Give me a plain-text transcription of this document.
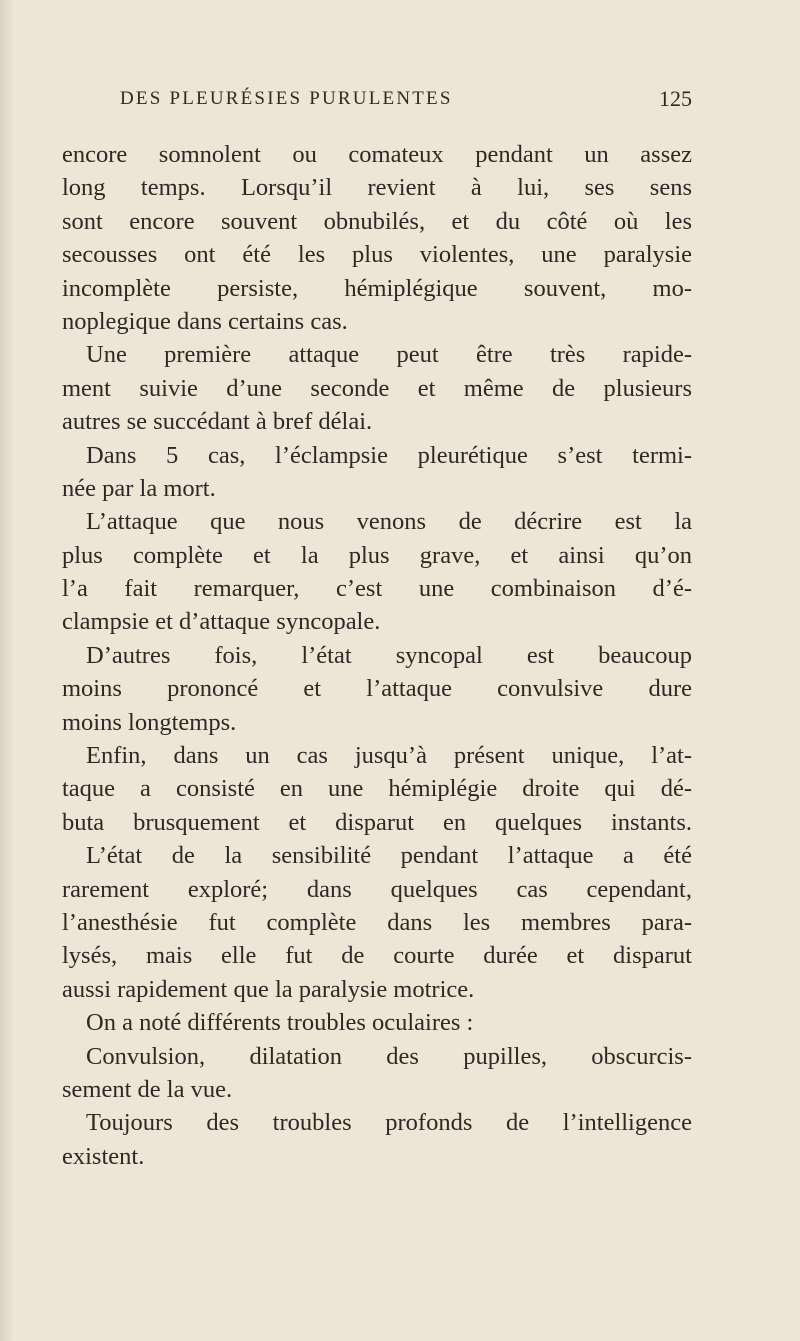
DES PLEURÉSIES PURULENTES	125
encore somnolent ou comateux pendant un assez
long temps. Lorsqu’il revient à lui, ses sens
sont encore souvent obnubilés, et du côté où les
secousses ont été les plus violentes, une paralysie
incomplète persiste, hémiplégique souvent, mo-
noplegique dans certains cas.
Une première attaque peut être très rapide-
ment suivie d’une seconde et même de plusieurs
autres se succédant à bref délai.
Dans 5 cas, l’éclampsie pleurétique s’est termi-
née par la mort.
L’attaque que nous venons de décrire est la
plus complète et la plus grave, et ainsi qu’on
l’a fait remarquer, c’est une combinaison d’é-
clampsie et d’attaque syncopale.
D’autres fois, l’état syncopal est beaucoup
moins prononcé et l’attaque convulsive dure
moins longtemps.
Enfin, dans un cas jusqu’à présent unique, l’at-
taque a consisté en une hémiplégie droite qui dé-
buta brusquement et disparut en quelques instants.
L’état de la sensibilité pendant l’attaque a été
rarement exploré; dans quelques cas cependant,
l’anesthésie fut complète dans les membres para-
lysés, mais elle fut de courte durée et disparut
aussi rapidement que la paralysie motrice.
On a noté différents troubles oculaires :
Convulsion, dilatation des pupilles, obscurcis-
sement de la vue.
Toujours des troubles profonds de l’intelligence
existent.
